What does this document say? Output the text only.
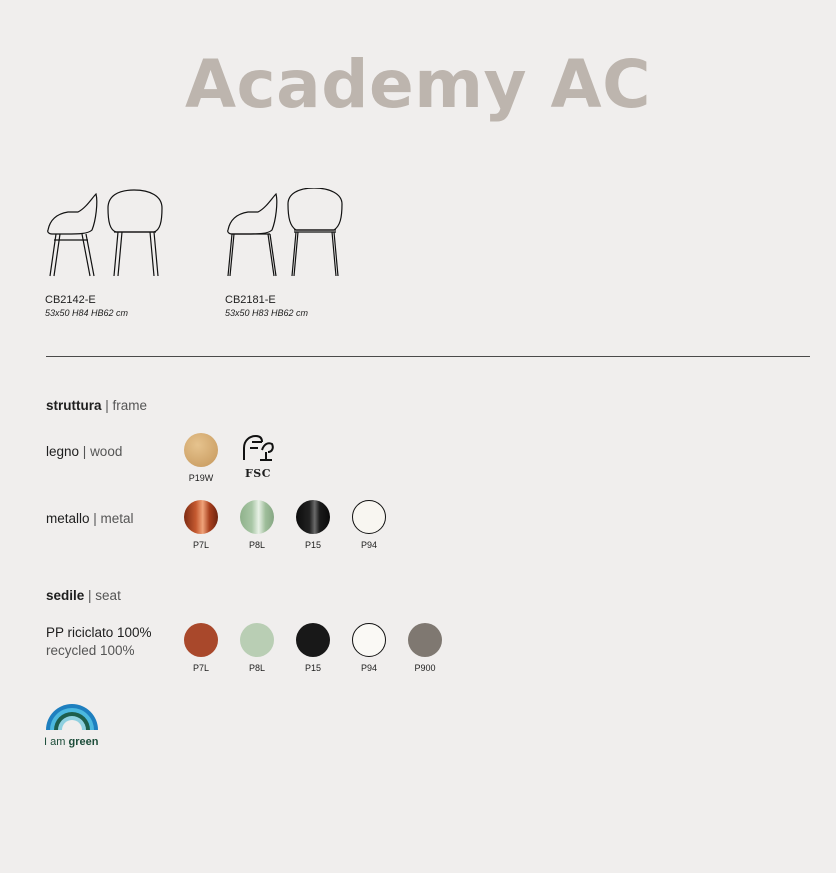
Academy AC
CB2142-E
53x50 H84 HB62 cm
CB2181-E
53x50 H83 HB62 cm
struttura | frame
legno | wood
P19W	FSC
metallo | metal
P7L	P8L	P15	P94
sedile | seat
PP riciclato 100%
recycled 100%
P7L	P8L	P15	P94	P900
I am green
